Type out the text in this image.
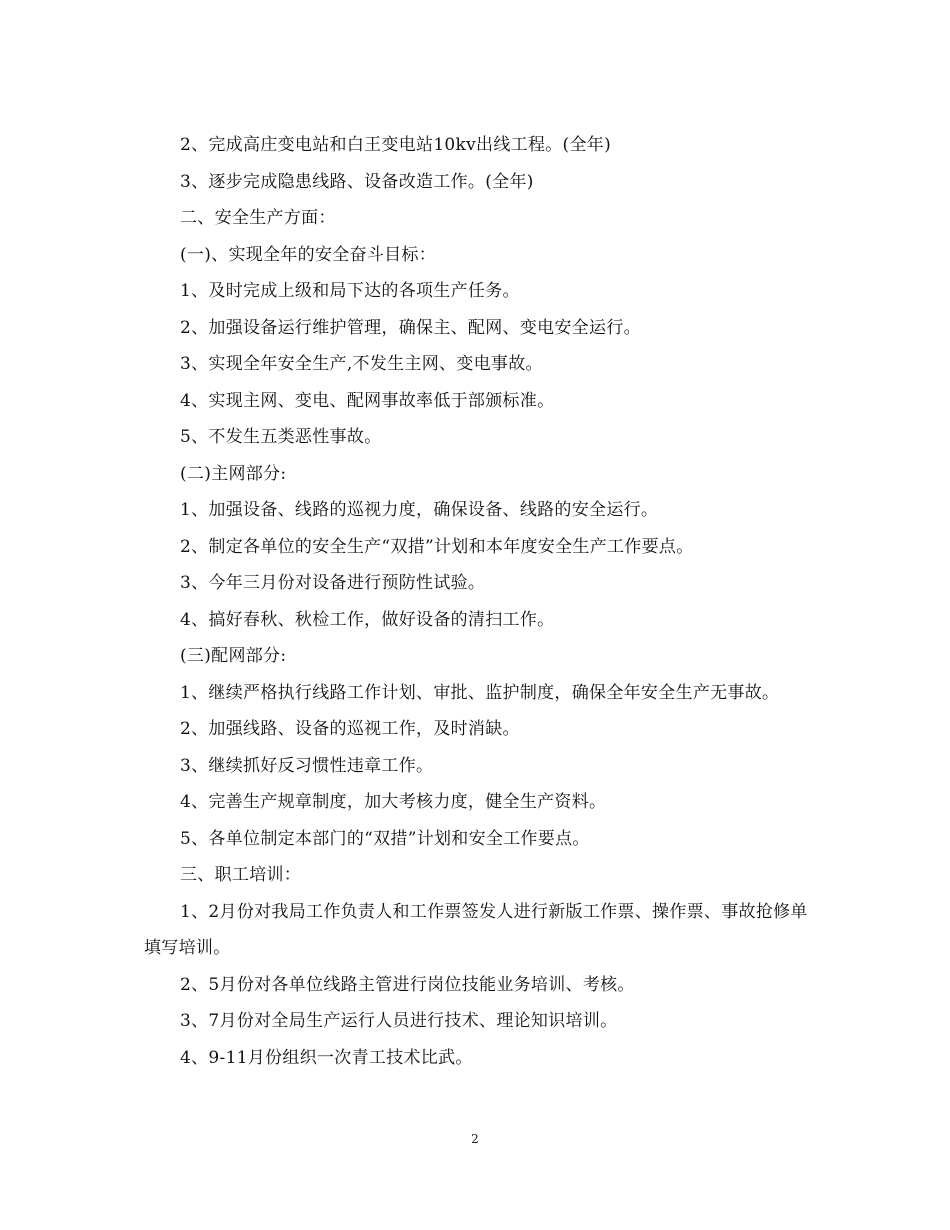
2、完成高庄变电站和白王变电站10kv出线工程。(全年)

3、逐步完成隐患线路、设备改造工作。(全年)

二、安全生产方面：

(一)、实现全年的安全奋斗目标：

1、及时完成上级和局下达的各项生产任务。

2、加强设备运行维护管理，确保主、配网、变电安全运行。

3、实现全年安全生产,不发生主网、变电事故。

4、实现主网、变电、配网事故率低于部颁标准。

5、不发生五类恶性事故。

(二)主网部分:

1、加强设备、线路的巡视力度，确保设备、线路的安全运行。

2、制定各单位的安全生产“双措”计划和本年度安全生产工作要点。

3、今年三月份对设备进行预防性试验。

4、搞好春秋、秋检工作，做好设备的清扫工作。

(三)配网部分:

1、继续严格执行线路工作计划、审批、监护制度，确保全年安全生产无事故。

2、加强线路、设备的巡视工作，及时消缺。

3、继续抓好反习惯性违章工作。

4、完善生产规章制度，加大考核力度，健全生产资料。

5、各单位制定本部门的“双措”计划和安全工作要点。

三、职工培训：

1、2月份对我局工作负责人和工作票签发人进行新版工作票、操作票、事故抢修单填写培训。

2、5月份对各单位线路主管进行岗位技能业务培训、考核。

3、7月份对全局生产运行人员进行技术、理论知识培训。

4、9-11月份组织一次青工技术比武。

2
